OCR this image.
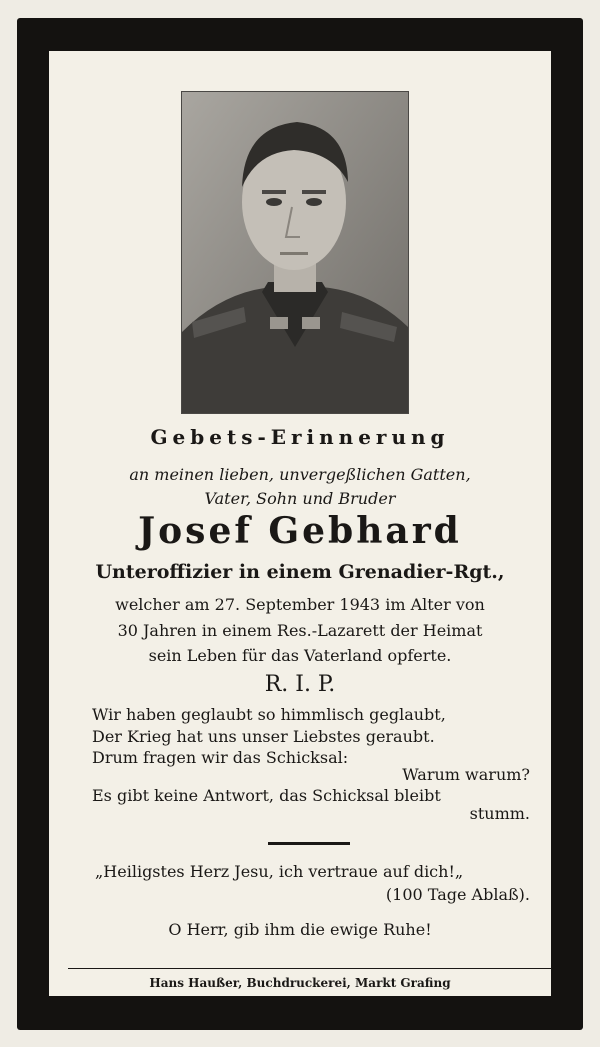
Gebets-Erinnerung
an meinen lieben, unvergeßlichen Gatten,
Vater, Sohn und Bruder
Josef Gebhard
Unteroffizier in einem Grenadier-Rgt.,
welcher am 27. September 1943 im Alter von
30 Jahren in einem Res.-Lazarett der Heimat
sein Leben für das Vaterland opferte.
R. I. P.
Wir haben geglaubt so himmlisch geglaubt,
Der Krieg hat uns unser Liebstes geraubt.
Drum fragen wir das Schicksal:
Warum warum?
Es gibt keine Antwort, das Schicksal bleibt
stumm.
„Heiligstes Herz Jesu, ich vertraue auf dich!„
(100 Tage Ablaß).
O Herr, gib ihm die ewige Ruhe!
Hans Haußer, Buchdruckerei, Markt Grafing
